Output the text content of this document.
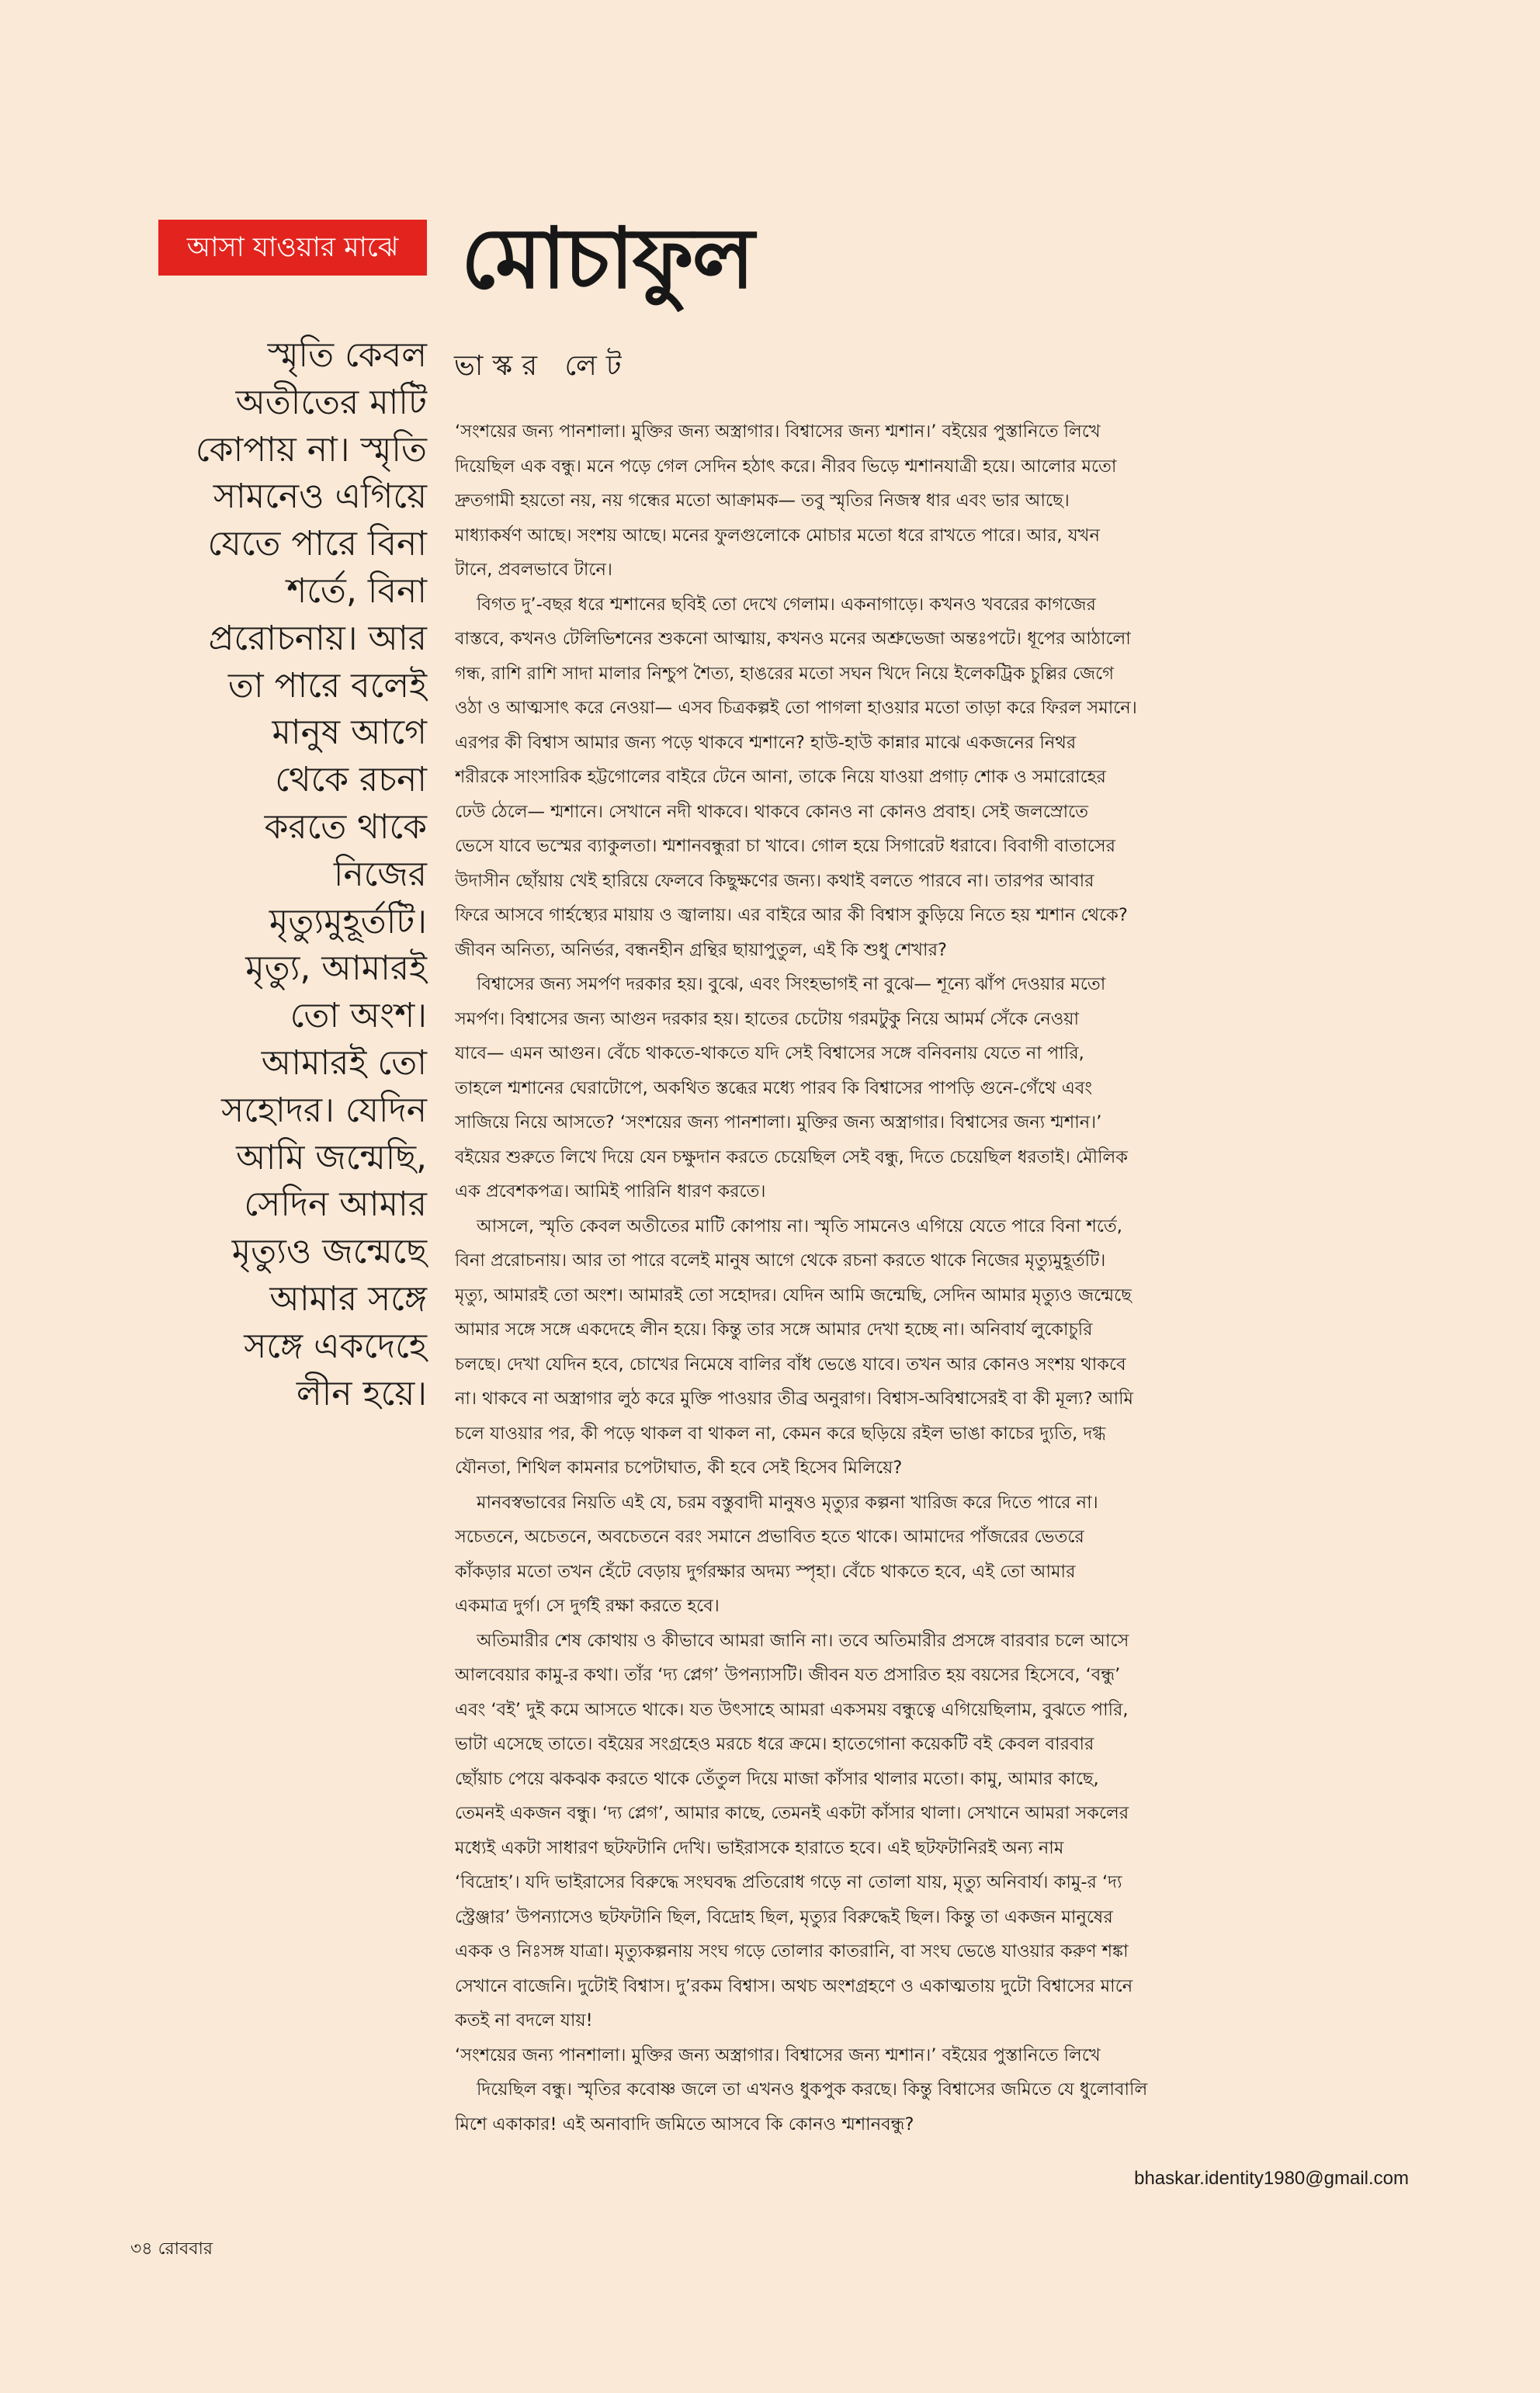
আসা যাওয়ার মাঝে মোচাফুল
ভাস্কর লেট
স্মৃতি কেবল
অতীতের মাটি
কোপায় না। স্মৃতি
সামনেও এগিয়ে
যেতে পারে বিনা
শর্তে, বিনা
প্ররোচনায়। আর
তা পারে বলেই
মানুষ আগে
থেকে রচনা
করতে থাকে
নিজের
মৃত্যুমুহূর্তটি।
মৃত্যু, আমারই
তো অংশ।
আমারই তো
সহোদর। যেদিন
আমি জন্মেছি,
সেদিন আমার
মৃত্যুও জন্মেছে
আমার সঙ্গে
সঙ্গে একদেহে
লীন হয়ে।
‘সংশয়ের জন্য পানশালা। মুক্তির জন্য অস্ত্রাগার। বিশ্বাসের জন্য শ্মশান।’ বইয়ের পুস্তানিতে লিখে
দিয়েছিল এক বন্ধু। মনে পড়ে গেল সেদিন হঠাৎ করে। নীরব ভিড়ে শ্মশানযাত্রী হয়ে। আলোর মতো
দ্রুতগামী হয়তো নয়, নয় গন্ধের মতো আক্রামক— তবু স্মৃতির নিজস্ব ধার এবং ভার আছে।
মাধ্যাকর্ষণ আছে। সংশয় আছে। মনের ফুলগুলোকে মোচার মতো ধরে রাখতে পারে। আর, যখন
টানে, প্রবলভাবে টানে।
বিগত দু’-বছর ধরে শ্মশানের ছবিই তো দেখে গেলাম। একনাগাড়ে। কখনও খবরের কাগজের
বাস্তবে, কখনও টেলিভিশনের শুকনো আত্মায়, কখনও মনের অশ্রুভেজা অন্তঃপটে। ধূপের আঠালো
গন্ধ, রাশি রাশি সাদা মালার নিশ্চুপ শৈত্য, হাঙরের মতো সঘন খিদে নিয়ে ইলেকট্রিক চুল্লির জেগে
ওঠা ও আত্মসাৎ করে নেওয়া— এসব চিত্রকল্পই তো পাগলা হাওয়ার মতো তাড়া করে ফিরল সমানে।
এরপর কী বিশ্বাস আমার জন্য পড়ে থাকবে শ্মশানে? হাউ-হাউ কান্নার মাঝে একজনের নিথর
শরীরকে সাংসারিক হট্টগোলের বাইরে টেনে আনা, তাকে নিয়ে যাওয়া প্রগাঢ় শোক ও সমারোহের
ঢেউ ঠেলে— শ্মশানে। সেখানে নদী থাকবে। থাকবে কোনও না কোনও প্রবাহ। সেই জলস্রোতে
ভেসে যাবে ভস্মের ব্যাকুলতা। শ্মশানবন্ধুরা চা খাবে। গোল হয়ে সিগারেট ধরাবে। বিবাগী বাতাসের
উদাসীন ছোঁয়ায় খেই হারিয়ে ফেলবে কিছুক্ষণের জন্য। কথাই বলতে পারবে না। তারপর আবার
ফিরে আসবে গার্হস্থ্যের মায়ায় ও জ্বালায়। এর বাইরে আর কী বিশ্বাস কুড়িয়ে নিতে হয় শ্মশান থেকে?
জীবন অনিত্য, অনির্ভর, বন্ধনহীন গ্রন্থির ছায়াপুতুল, এই কি শুধু শেখার?
বিশ্বাসের জন্য সমর্পণ দরকার হয়। বুঝে, এবং সিংহভাগই না বুঝে— শূন্যে ঝাঁপ দেওয়ার মতো
সমর্পণ। বিশ্বাসের জন্য আগুন দরকার হয়। হাতের চেটোয় গরমটুকু নিয়ে আমর্ম সেঁকে নেওয়া
যাবে— এমন আগুন। বেঁচে থাকতে-থাকতে যদি সেই বিশ্বাসের সঙ্গে বনিবনায় যেতে না পারি,
তাহলে শ্মশানের ঘেরাটোপে, অকথিত স্তব্ধের মধ্যে পারব কি বিশ্বাসের পাপড়ি গুনে-গেঁথে এবং
সাজিয়ে নিয়ে আসতে? ‘সংশয়ের জন্য পানশালা। মুক্তির জন্য অস্ত্রাগার। বিশ্বাসের জন্য শ্মশান।’
বইয়ের শুরুতে লিখে দিয়ে যেন চক্ষুদান করতে চেয়েছিল সেই বন্ধু, দিতে চেয়েছিল ধরতাই। মৌলিক
এক প্রবেশকপত্র। আমিই পারিনি ধারণ করতে।
আসলে, স্মৃতি কেবল অতীতের মাটি কোপায় না। স্মৃতি সামনেও এগিয়ে যেতে পারে বিনা শর্তে,
বিনা প্ররোচনায়। আর তা পারে বলেই মানুষ আগে থেকে রচনা করতে থাকে নিজের মৃত্যুমুহূর্তটি।
মৃত্যু, আমারই তো অংশ। আমারই তো সহোদর। যেদিন আমি জন্মেছি, সেদিন আমার মৃত্যুও জন্মেছে
আমার সঙ্গে সঙ্গে একদেহে লীন হয়ে। কিন্তু তার সঙ্গে আমার দেখা হচ্ছে না। অনিবার্য লুকোচুরি
চলছে। দেখা যেদিন হবে, চোখের নিমেষে বালির বাঁধ ভেঙে যাবে। তখন আর কোনও সংশয় থাকবে
না। থাকবে না অস্ত্রাগার লুঠ করে মুক্তি পাওয়ার তীব্র অনুরাগ। বিশ্বাস-অবিশ্বাসেরই বা কী মূল্য? আমি
চলে যাওয়ার পর, কী পড়ে থাকল বা থাকল না, কেমন করে ছড়িয়ে রইল ভাঙা কাচের দ্যুতি, দগ্ধ
যৌনতা, শিথিল কামনার চপেটাঘাত, কী হবে সেই হিসেব মিলিয়ে?
মানবস্বভাবের নিয়তি এই যে, চরম বস্তুবাদী মানুষও মৃত্যুর কল্পনা খারিজ করে দিতে পারে না।
সচেতনে, অচেতনে, অবচেতনে বরং সমানে প্রভাবিত হতে থাকে। আমাদের পাঁজরের ভেতরে
কাঁকড়ার মতো তখন হেঁটে বেড়ায় দুর্গরক্ষার অদম্য স্পৃহা। বেঁচে থাকতে হবে, এই তো আমার
একমাত্র দুর্গ। সে দুর্গই রক্ষা করতে হবে।
অতিমারীর শেষ কোথায় ও কীভাবে আমরা জানি না। তবে অতিমারীর প্রসঙ্গে বারবার চলে আসে
আলবেয়ার কামু-র কথা। তাঁর ‘দ্য প্লেগ’ উপন্যাসটি। জীবন যত প্রসারিত হয় বয়সের হিসেবে, ‘বন্ধু’
এবং ‘বই’ দুই কমে আসতে থাকে। যত উৎসাহে আমরা একসময় বন্ধুত্বে এগিয়েছিলাম, বুঝতে পারি,
ভাটা এসেছে তাতে। বইয়ের সংগ্রহেও মরচে ধরে ক্রমে। হাতেগোনা কয়েকটি বই কেবল বারবার
ছোঁয়াচ পেয়ে ঝকঝক করতে থাকে তেঁতুল দিয়ে মাজা কাঁসার থালার মতো। কামু, আমার কাছে,
তেমনই একজন বন্ধু। ‘দ্য প্লেগ’, আমার কাছে, তেমনই একটা কাঁসার থালা। সেখানে আমরা সকলের
মধ্যেই একটা সাধারণ ছটফটানি দেখি। ভাইরাসকে হারাতে হবে। এই ছটফটানিরই অন্য নাম
‘বিদ্রোহ’। যদি ভাইরাসের বিরুদ্ধে সংঘবদ্ধ প্রতিরোধ গড়ে না তোলা যায়, মৃত্যু অনিবার্য। কামু-র ‘দ্য
স্ট্রেঞ্জার’ উপন্যাসেও ছটফটানি ছিল, বিদ্রোহ ছিল, মৃত্যুর বিরুদ্ধেই ছিল। কিন্তু তা একজন মানুষের
একক ও নিঃসঙ্গ যাত্রা। মৃত্যুকল্পনায় সংঘ গড়ে তোলার কাতরানি, বা সংঘ ভেঙে যাওয়ার করুণ শঙ্কা
সেখানে বাজেনি। দুটোই বিশ্বাস। দু’রকম বিশ্বাস। অথচ অংশগ্রহণে ও একাত্মতায় দুটো বিশ্বাসের মানে
কতই না বদলে যায়!
‘সংশয়ের জন্য পানশালা। মুক্তির জন্য অস্ত্রাগার। বিশ্বাসের জন্য শ্মশান।’ বইয়ের পুস্তানিতে লিখে
দিয়েছিল বন্ধু। স্মৃতির কবোষ্ণ জলে তা এখনও ধুকপুক করছে। কিন্তু বিশ্বাসের জমিতে যে ধুলোবালি
মিশে একাকার! এই অনাবাদি জমিতে আসবে কি কোনও শ্মশানবন্ধু?
bhaskar.identity1980@gmail.com
৩৪ রোববার
